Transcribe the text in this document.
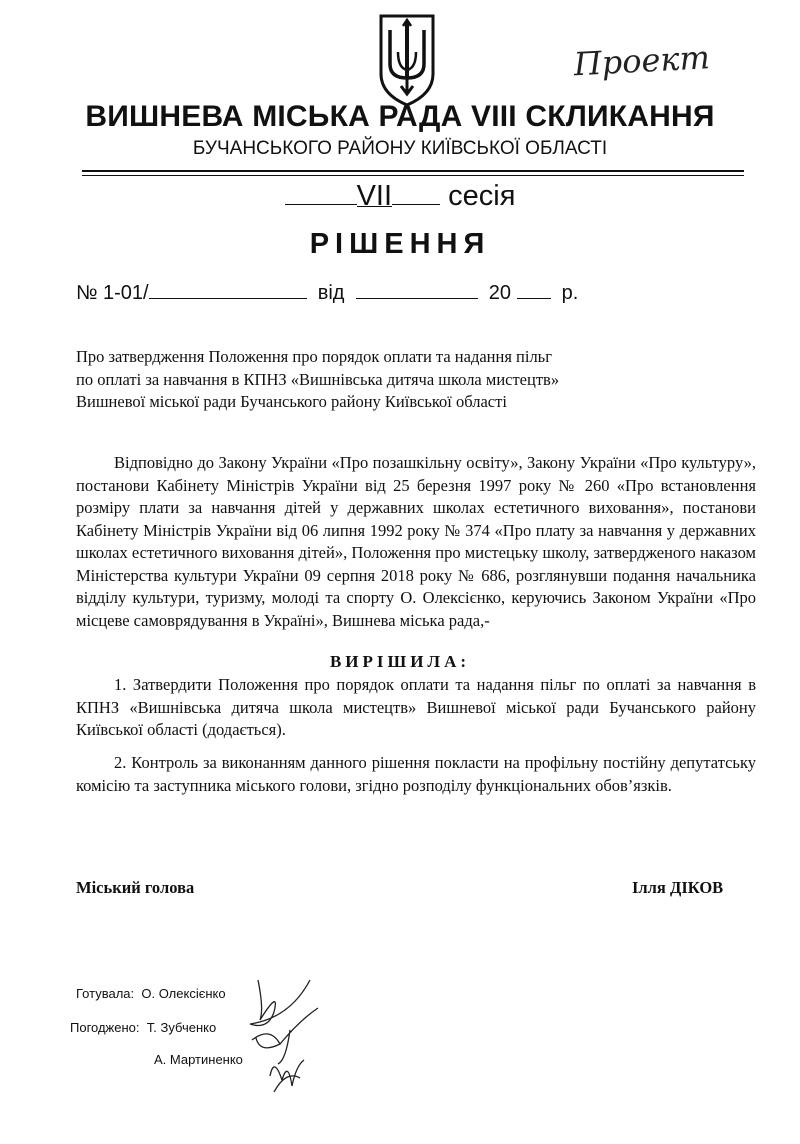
Проект
ВИШНЕВА МІСЬКА РАДА VIII СКЛИКАННЯ
БУЧАНСЬКОГО РАЙОНУ КИЇВСЬКОЇ ОБЛАСТІ
VII сесія
РІШЕННЯ
№ 1-01/	від	20	р.
Про затвердження Положення про порядок оплати та надання пільг по оплаті за навчання в КПНЗ «Вишнівська дитяча школа мистецтв» Вишневої міської ради Бучанського району Київської області

Відповідно до Закону України «Про позашкільну освіту», Закону України «Про культуру», постанови Кабінету Міністрів України від 25 березня 1997 року № 260 «Про встановлення розміру плати за навчання дітей у державних школах естетичного виховання», постанови Кабінету Міністрів України від 06 липня 1992 року № 374 «Про плату за навчання у державних школах естетичного виховання дітей», Положення про мистецьку школу, затвердженого наказом Міністерства культури України 09 серпня 2018 року № 686, розглянувши подання начальника відділу культури, туризму, молоді та спорту О. Олексієнко, керуючись Законом України «Про місцеве самоврядування в Україні», Вишнева міська рада,-

ВИРІШИЛА:

1. Затвердити Положення про порядок оплати та надання пільг по оплаті за навчання в КПНЗ «Вишнівська дитяча школа мистецтв» Вишневої міської ради Бучанського району Київської області (додається).

2. Контроль за виконанням данного рішення покласти на профільну постійну депутатську комісію та заступника міського голови, згідно розподілу функціональних обов’язків.

Міський голова	Ілля ДІКОВ
Готувала: О. Олексієнко
Погоджено: Т. Зубченко
А. Мартиненко
